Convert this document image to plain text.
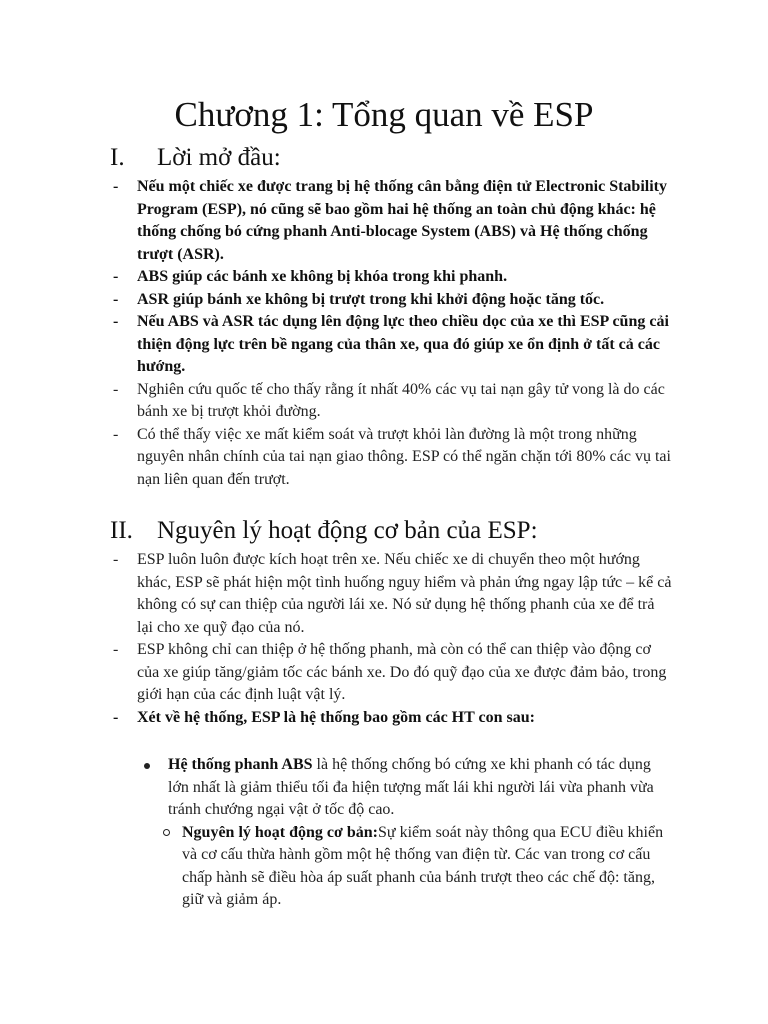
Chương 1: Tổng quan về ESP
I.	Lời mở đầu:
- Nếu một chiếc xe được trang bị hệ thống cân bằng điện tử Electronic Stability Program (ESP), nó cũng sẽ bao gồm hai hệ thống an toàn chủ động khác: hệ thống chống bó cứng phanh Anti-blocage System (ABS) và Hệ thống chống trượt (ASR).
- ABS giúp các bánh xe không bị khóa trong khi phanh.
- ASR giúp bánh xe không bị trượt trong khi khởi động hoặc tăng tốc.
- Nếu ABS và ASR tác dụng lên động lực theo chiều dọc của xe thì ESP cũng cải thiện động lực trên bề ngang của thân xe, qua đó giúp xe ổn định ở tất cả các hướng.
- Nghiên cứu quốc tế cho thấy rằng ít nhất 40% các vụ tai nạn gây tử vong là do các bánh xe bị trượt khỏi đường.
- Có thể thấy việc xe mất kiểm soát và trượt khỏi làn đường là một trong những nguyên nhân chính của tai nạn giao thông. ESP có thể ngăn chặn tới 80% các vụ tai nạn liên quan đến trượt.
II. Nguyên lý hoạt động cơ bản của ESP:
- ESP luôn luôn được kích hoạt trên xe. Nếu chiếc xe di chuyển theo một hướng khác, ESP sẽ phát hiện một tình huống nguy hiểm và phản ứng ngay lập tức – kể cả không có sự can thiệp của người lái xe. Nó sử dụng hệ thống phanh của xe để trả lại cho xe quỹ đạo của nó.
- ESP không chỉ can thiệp ở hệ thống phanh, mà còn có thể can thiệp vào động cơ của xe giúp tăng/giảm tốc các bánh xe. Do đó quỹ đạo của xe được đảm bảo, trong giới hạn của các định luật vật lý.
- Xét về hệ thống, ESP là hệ thống bao gồm các HT con sau:
Hệ thống phanh ABS là hệ thống chống bó cứng xe khi phanh có tác dụng lớn nhất là giảm thiểu tối đa hiện tượng mất lái khi người lái vừa phanh vừa tránh chướng ngại vật ở tốc độ cao.
Nguyên lý hoạt động cơ bản:Sự kiểm soát này thông qua ECU điều khiển và cơ cấu thừa hành gồm một hệ thống van điện từ. Các van trong cơ cấu chấp hành sẽ điều hòa áp suất phanh của bánh trượt theo các chế độ: tăng, giữ và giảm áp.
